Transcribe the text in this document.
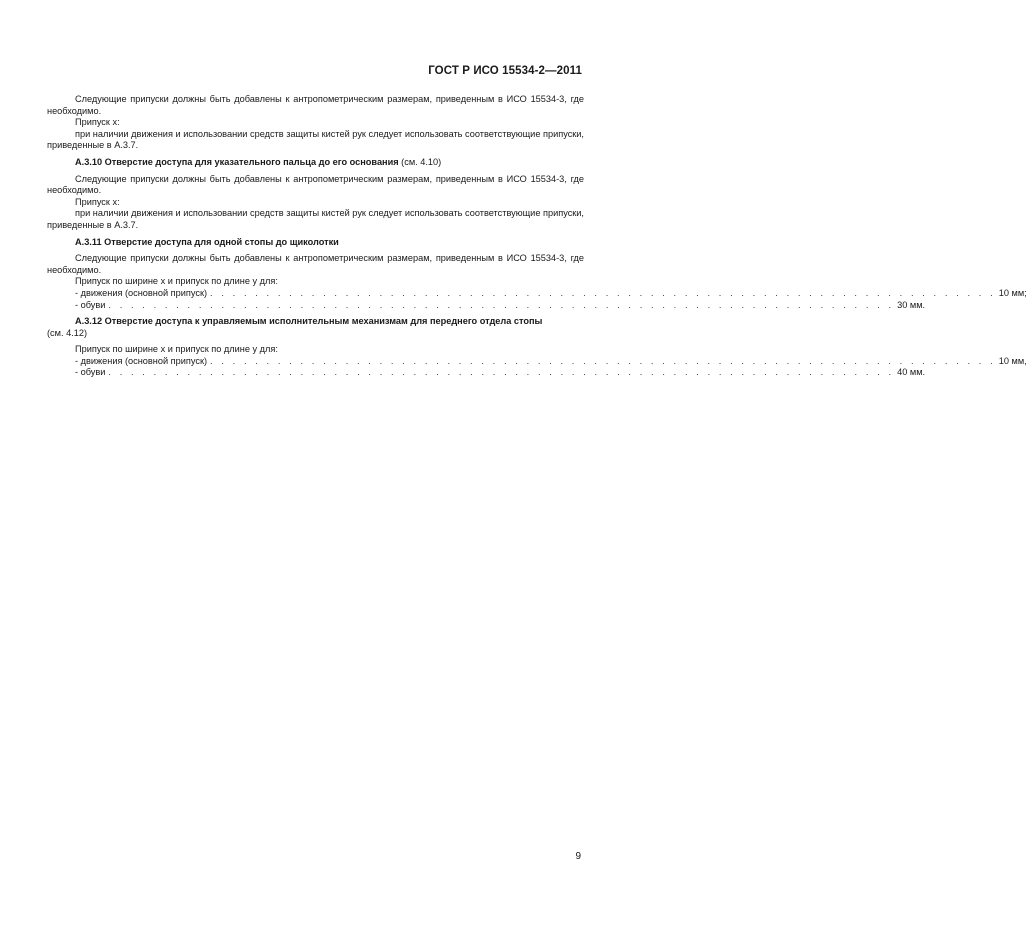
ГОСТ Р ИСО 15534-2—2011
Следующие припуски должны быть добавлены к антропометрическим размерам, приведенным в ИСО 15534-3, где необходимо.
Припуск x:
при наличии движения и использовании средств защиты кистей рук следует использовать соответствующие припуски, приведенные в А.3.7.
А.3.10 Отверстие доступа для указательного пальца до его основания (см. 4.10)
Следующие припуски должны быть добавлены к антропометрическим размерам, приведенным в ИСО 15534-3, где необходимо.
Припуск x:
при наличии движения и использовании средств защиты кистей рук следует использовать соответствующие припуски, приведенные в А.3.7.
А.3.11 Отверстие доступа для одной стопы до щиколотки
Следующие припуски должны быть добавлены к антропометрическим размерам, приведенным в ИСО 15534-3, где необходимо.
Припуск по ширине x и припуск по длине y для:
- движения (основной припуск) . . . . . . . . . . . . . . . . . . . . . . . . . . . . . . . . . . . . . . . . . . . . . . . . . . . . . . . . . . . . . . . . . . . . . . 10 мм;
- обуви . . . . . . . . . . . . . . . . . . . . . . . . . . . . . . . . . . . . . . . . . . . . . . . . . . . . . . . . . . . . . . . . . . . . . . 30 мм.
А.3.12 Отверстие доступа к управляемым исполнительным механизмам для переднего отдела стопы
(см. 4.12)
Припуск по ширине x и припуск по длине y для:
- движения (основной припуск) . . . . . . . . . . . . . . . . . . . . . . . . . . . . . . . . . . . . . . . . . . . . . . . . . . . . . . . . . . . . . . . . . . . . . . 10 мм,
- обуви . . . . . . . . . . . . . . . . . . . . . . . . . . . . . . . . . . . . . . . . . . . . . . . . . . . . . . . . . . . . . . . . . . . . . . 40 мм.
9
